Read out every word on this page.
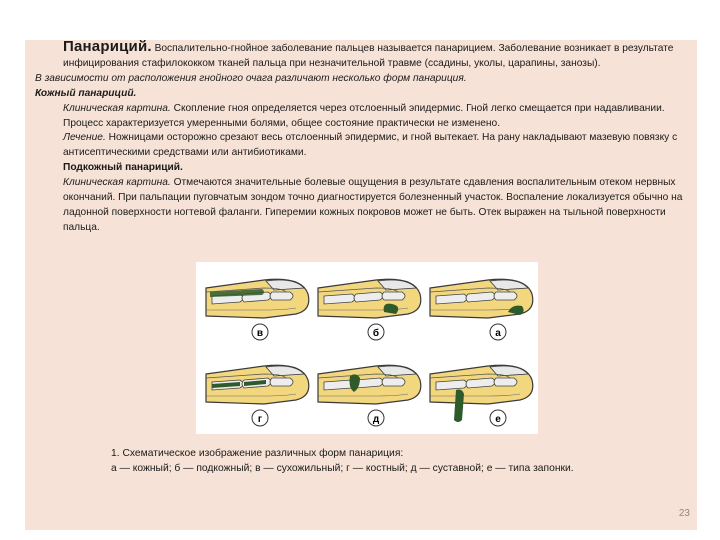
Панариций. Воспалительно-гнойное заболевание пальцев называется панарицием. Заболевание возникает в результате инфицирования стафилококком тканей пальца при незначительной травме (ссадины, уколы, царапины, занозы).

В зависимости от расположения гнойного очага различают несколько форм панариция.

Кожный панариций.

Клиническая картина. Скопление гноя определяется через отслоенный эпидермис. Гной легко смещается при надавливании. Процесс характеризуется умеренными болями, общее состояние практически не изменено.

Лечение. Ножницами осторожно срезают весь отслоенный эпидермис, и гной вытекает. На рану накладывают мазевую повязку с антисептическими средствами или антибиотиками.

Подкожный панариций.

Клиническая картина. Отмечаются значительные болевые ощущения в результате сдавления воспалительным отеком нервных окончаний. При пальпации пуговчатым зондом точно диагностируется болезненный участок. Воспаление локализуется обычно на ладонной поверхности ногтевой фаланги. Гиперемии кожных покровов может не быть. Отек выражен на тыльной поверхности пальца.

в	б	а
г	д	е
1. Схематическое изображение различных форм панариция:
а — кожный; б — подкожный; в — сухожильный; г — костный; д — суставной; е — типа запонки.
23
